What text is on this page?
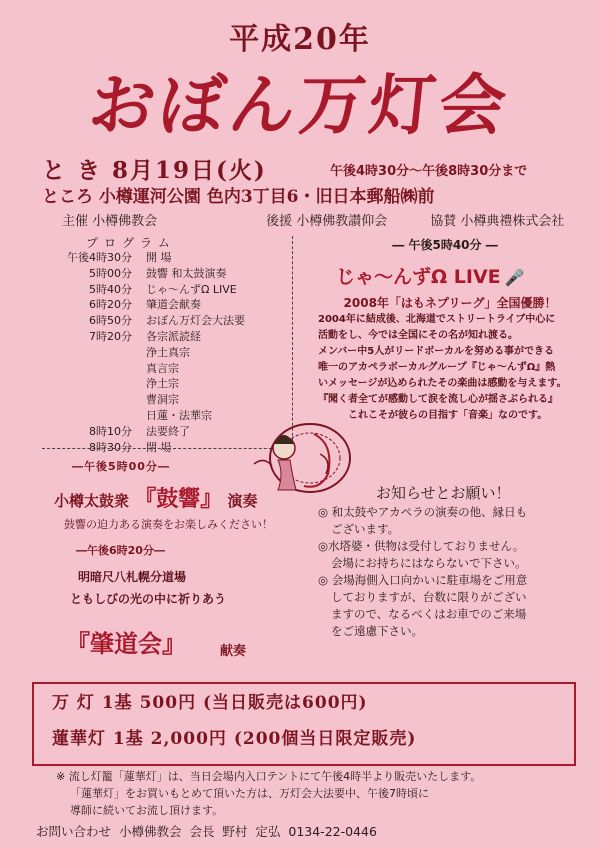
平成20年
おぼん万灯会
と き 8月19日(火)	午後4時30分～午後8時30分まで
ところ 小樽運河公園 色内3丁目6・旧日本郵船㈱前
主催 小樽佛教会	後援 小樽佛教讃仰会	協賛 小樽典禮株式会社
プログラム
午後4時30分 開 場
5時00分 鼓響 和太鼓演奏
5時40分 じゃ～んずΩ LIVE
6時20分 肇道会献奏
6時50分 おぼん万灯会大法要
7時20分 各宗派読経
浄土真宗
真言宗
浄土宗
曹洞宗
日蓮・法華宗
8時10分 法要終了
8時30分 閉 場
― 午後5時40分 ―
じゃ～んずΩ LIVE 🎤
2008年「はもネプリーグ」全国優勝！
2004年に結成後、北海道でストリートライブ中心に
活動をし、今では全国にその名が知れ渡る。
メンバー中5人がリードボーカルを努める事ができる
唯一のアカペラボーカルグループ『じゃ～んずΩ』熱
いメッセージが込められたその楽曲は感動を与えます。
『聞く者全てが感動して涙を流し心が揺さぶられる』
これこそが彼らの目指す「音楽」なのです。
―午後5時00分―
小樽太鼓衆 『鼓響』 演奏
鼓響の迫力ある演奏をお楽しみください！
―午後6時20分―
明暗尺八札幌分道場
ともしびの光の中に祈りあう
『肇道会』	献奏
お知らせとお願い！
◎ 和太鼓やアカペラの演奏の他、縁日も
ございます。
◎水塔婆・供物は受付しておりません。
会場にお持ちにはならないで下さい。
◎ 会場海側入口向かいに駐車場をご用意
しておりますが、台数に限りがござい
ますので、なるべくはお車でのご来場
をご遠慮下さい。
万 灯 1基 500円 (当日販売は600円)
蓮華灯 1基 2,000円 (200個当日限定販売)
※ 流し灯籠「蓮華灯」は、当日会場内入口テントにて午後4時半より販売いたします。
「蓮華灯」をお買いもとめて頂いた方は、万灯会大法要中、午後7時頃に
導師に続いてお流し頂けます。
お問い合わせ 小樽佛教会 会長 野村 定弘 0134-22-0446
